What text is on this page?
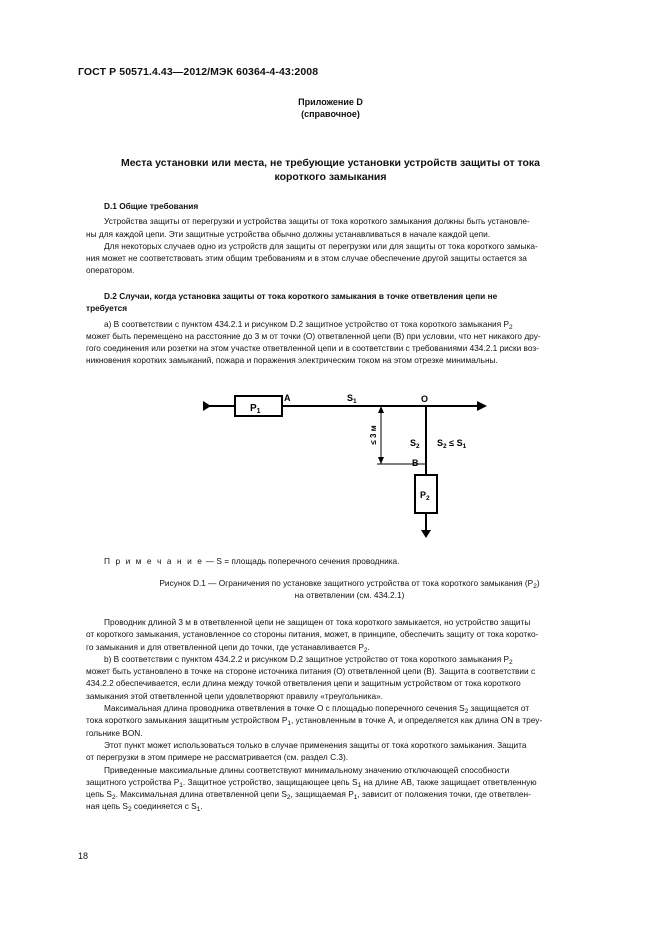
ГОСТ Р 50571.4.43—2012/МЭК 60364-4-43:2008
Приложение D
(справочное)
Места установки или места, не требующие установки устройств защиты от тока
короткого замыкания
D.1 Общие требования
Устройства защиты от перегрузки и устройства защиты от тока короткого замыкания должны быть установле-
ны для каждой цепи. Эти защитные устройства обычно должны устанавливаться в начале каждой цепи.
Для некоторых случаев одно из устройств для защиты от перегрузки или для защиты от тока короткого замыка-
ния может не соответствовать этим общим требованиям и в этом случае обеспечение другой защиты остается за
оператором.
D.2 Случаи, когда установка защиты от тока короткого замыкания в точке ответвления цепи не
требуется
а) В соответствии с пунктом 434.2.1 и рисунком D.2 защитное устройство от тока короткого замыкания $P_2$
может быть перемещено на расстояние до 3 м от точки (O) ответвленной цепи (B) при условии, что нет никакого дру-
гого соединения или розетки на этом участке ответвленной цепи и в соответствии с требованиями 434.2.1 риски воз-
никновения коротких замыканий, пожара и поражения электрическим током на этом отрезке минимальны.
$P_1$
A	$S_1$	O
$S_2$ $S_2 \le S_1$
B
$P_2$
≤ 3 м
П р и м е ч а н и е — S = площадь поперечного сечения проводника.
Рисунок D.1 — Ограничения по установке защитного устройства от тока короткого замыкания $(P_2)$
на ответвлении (см. 434.2.1)
Проводник длиной 3 м в ответвленной цепи не защищен от тока короткого замыкается, но устройство защиты
от короткого замыкания, установленное со стороны питания, может, в принципе, обеспечить защиту от тока коротко-
го замыкания и для ответвленной цепи до точки, где устанавливается $P_2$.
b) В соответствии с пунктом 434.2.2 и рисунком D.2 защитное устройство от тока короткого замыкания $P_2$
может быть установлено в точке на стороне источника питания (O) ответвленной цепи (B). Защита в соответствии с
434.2.2 обеспечивается, если длина между точкой ответвления цепи и защитным устройством от тока короткого
замыкания этой ответвленной цепи удовлетворяют правилу «треугольника».
Максимальная длина проводника ответвления в точке O с площадью поперечного сечения $S_2$ защищается от
тока короткого замыкания защитным устройством $P_1$, установленным в точке A, и определяется как длина ON в треу-
гольнике BON.
Этот пункт может использоваться только в случае применения защиты от тока короткого замыкания. Защита
от перегрузки в этом примере не рассматривается (см. раздел C.3).
Приведенные максимальные длины соответствуют минимальному значению отключающей способности
защитного устройства $P_1$. Защитное устройство, защищающее цепь $S_1$ на длине AB, также защищает ответвленную
цепь $S_2$. Максимальная длина ответвленной цепи $S_2$, защищаемая $P_1$, зависит от положения точки, где ответвлен-
ная цепь $S_2$ соединяется с $S_1$.
18
